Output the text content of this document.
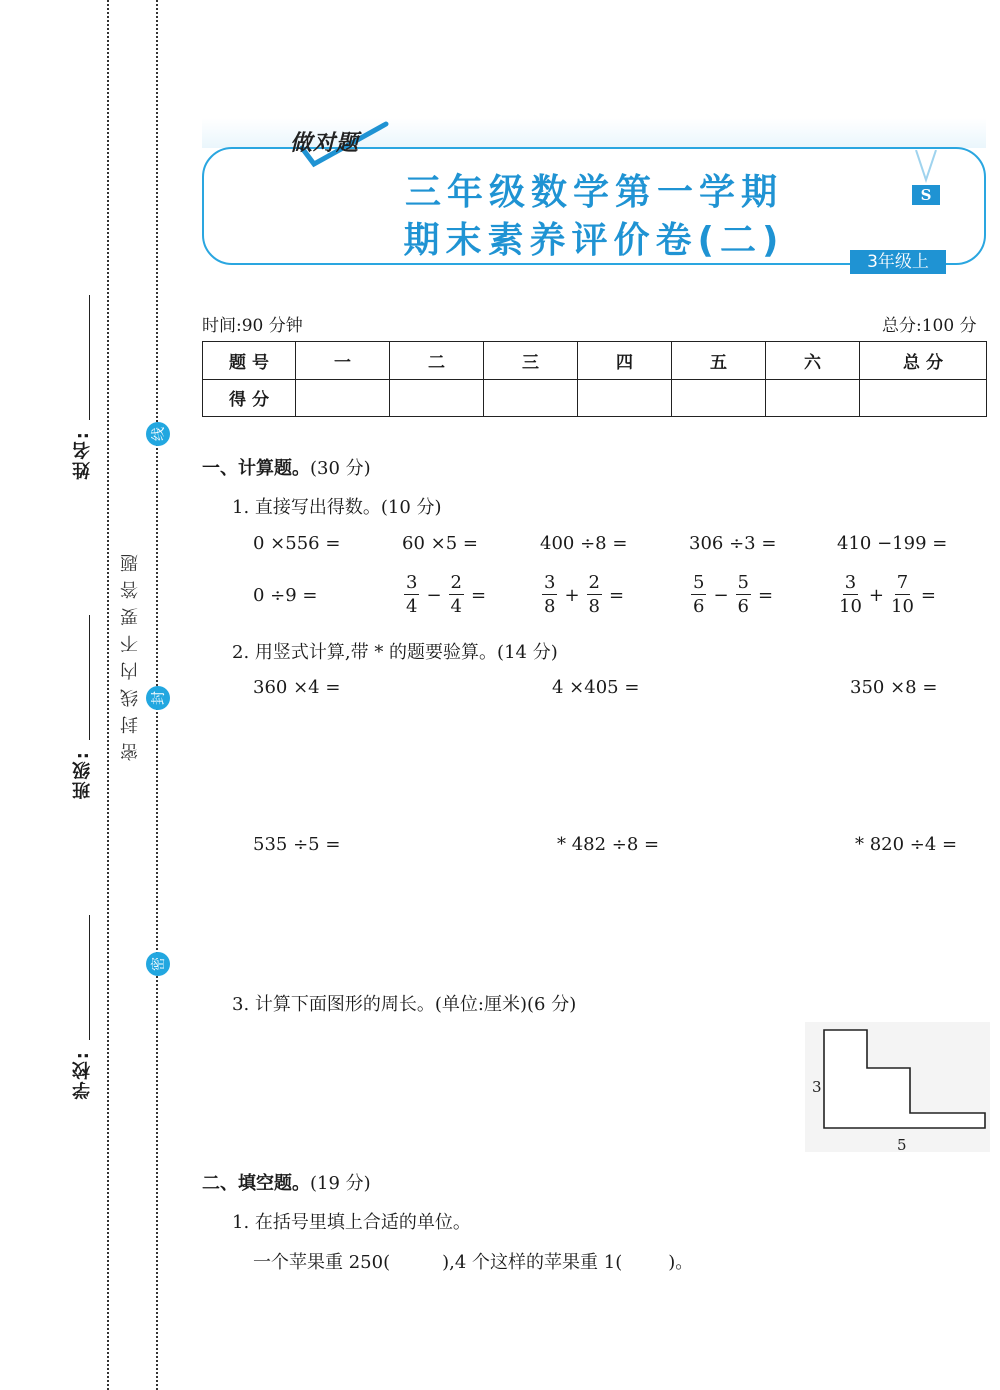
姓名:
班级:
学校:
密封线内不要答题
线
封
密
做对题
三年级数学第一学期
期末素养评价卷(二)
S
3年级上
时间:90 分钟	总分:100 分
题 号	一	二	三	四	五	六	总 分
得 分							
一、计算题。(30 分)
1. 直接写出得数。(10 分)
0 ×556 =	60 ×5 =	400 ÷8 =	306 ÷3 =	410 −199 =
0 ÷9 =	$\frac{3}{4} - \frac{2}{4}$ =	$\frac{3}{8} + \frac{2}{8}$ =	$\frac{5}{6} - \frac{5}{6}$ =	$\frac{3}{10} + \frac{7}{10}$ =
2. 用竖式计算,带 * 的题要验算。(14 分)
360 ×4 =	4 ×405 =	350 ×8 =
535 ÷5 =	* 482 ÷8 =	* 820 ÷4 =
3. 计算下面图形的周长。(单位:厘米)(6 分)
3
5
二、填空题。(19 分)
1. 在括号里填上合适的单位。
一个苹果重 250(	),4 个这样的苹果重 1(	)。
